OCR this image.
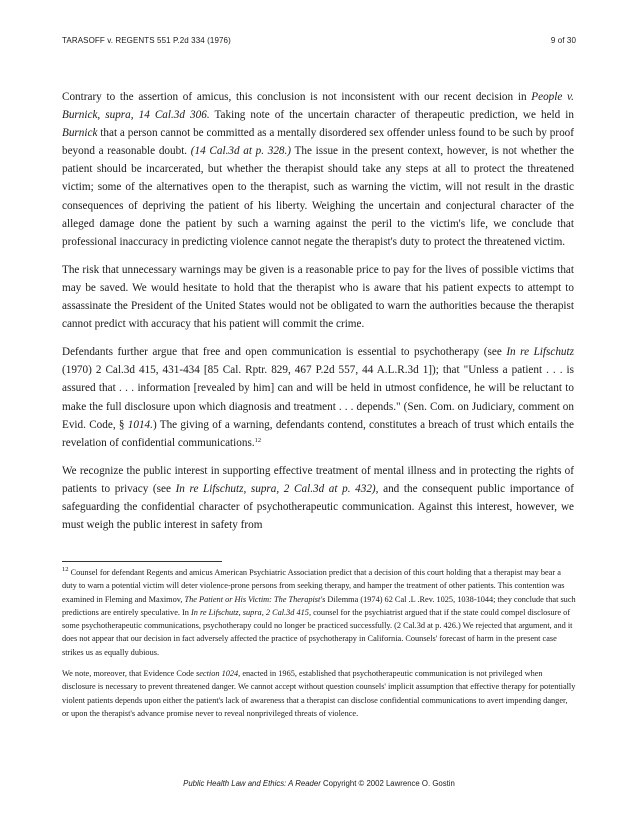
TARASOFF v. REGENTS 551 P.2d 334 (1976)	9 of 30

Contrary to the assertion of amicus, this conclusion is not inconsistent with our recent decision in People v. Burnick, supra, 14 Cal.3d 306. Taking note of the uncertain character of therapeutic prediction, we held in Burnick that a person cannot be committed as a mentally disordered sex offender unless found to be such by proof beyond a reasonable doubt. (14 Cal.3d at p. 328.) The issue in the present context, however, is not whether the patient should be incarcerated, but whether the therapist should take any steps at all to protect the threatened victim; some of the alternatives open to the therapist, such as warning the victim, will not result in the drastic consequences of depriving the patient of his liberty. Weighing the uncertain and conjectural character of the alleged damage done the patient by such a warning against the peril to the victim's life, we conclude that professional inaccuracy in predicting violence cannot negate the therapist's duty to protect the threatened victim.

The risk that unnecessary warnings may be given is a reasonable price to pay for the lives of possible victims that may be saved. We would hesitate to hold that the therapist who is aware that his patient expects to attempt to assassinate the President of the United States would not be obligated to warn the authorities because the therapist cannot predict with accuracy that his patient will commit the crime.

Defendants further argue that free and open communication is essential to psychotherapy (see In re Lifschutz (1970) 2 Cal.3d 415, 431-434 [85 Cal. Rptr. 829, 467 P.2d 557, 44 A.L.R.3d 1]); that "Unless a patient . . . is assured that . . . information [revealed by him] can and will be held in utmost confidence, he will be reluctant to make the full disclosure upon which diagnosis and treatment . . . depends." (Sen. Com. on Judiciary, comment on Evid. Code, § 1014.) The giving of a warning, defendants contend, constitutes a breach of trust which entails the revelation of confidential communications.$^{12}$

We recognize the public interest in supporting effective treatment of mental illness and in protecting the rights of patients to privacy (see In re Lifschutz, supra, 2 Cal.3d at p. 432), and the consequent public importance of safeguarding the confidential character of psychotherapeutic communication. Against this interest, however, we must weigh the public interest in safety from

$^{12}$ Counsel for defendant Regents and amicus American Psychiatric Association predict that a decision of this court holding that a therapist may bear a duty to warn a potential victim will deter violence-prone persons from seeking therapy, and hamper the treatment of other patients. This contention was examined in Fleming and Maximov, The Patient or His Victim: The Therapist's Dilemma (1974) 62 Cal .L .Rev. 1025, 1038-1044; they conclude that such predictions are entirely speculative. In In re Lifschutz, supra, 2 Cal.3d 415, counsel for the psychiatrist argued that if the state could compel disclosure of some psychotherapeutic communications, psychotherapy could no longer be practiced successfully. (2 Cal.3d at p. 426.) We rejected that argument, and it does not appear that our decision in fact adversely affected the practice of psychotherapy in California. Counsels' forecast of harm in the present case strikes us as equally dubious.

We note, moreover, that Evidence Code section 1024, enacted in 1965, established that psychotherapeutic communication is not privileged when disclosure is necessary to prevent threatened danger. We cannot accept without question counsels' implicit assumption that effective therapy for potentially violent patients depends upon either the patient's lack of awareness that a therapist can disclose confidential communications to avert impending danger, or upon the therapist's advance promise never to reveal nonprivileged threats of violence.

Public Health Law and Ethics: A Reader Copyright © 2002 Lawrence O. Gostin
